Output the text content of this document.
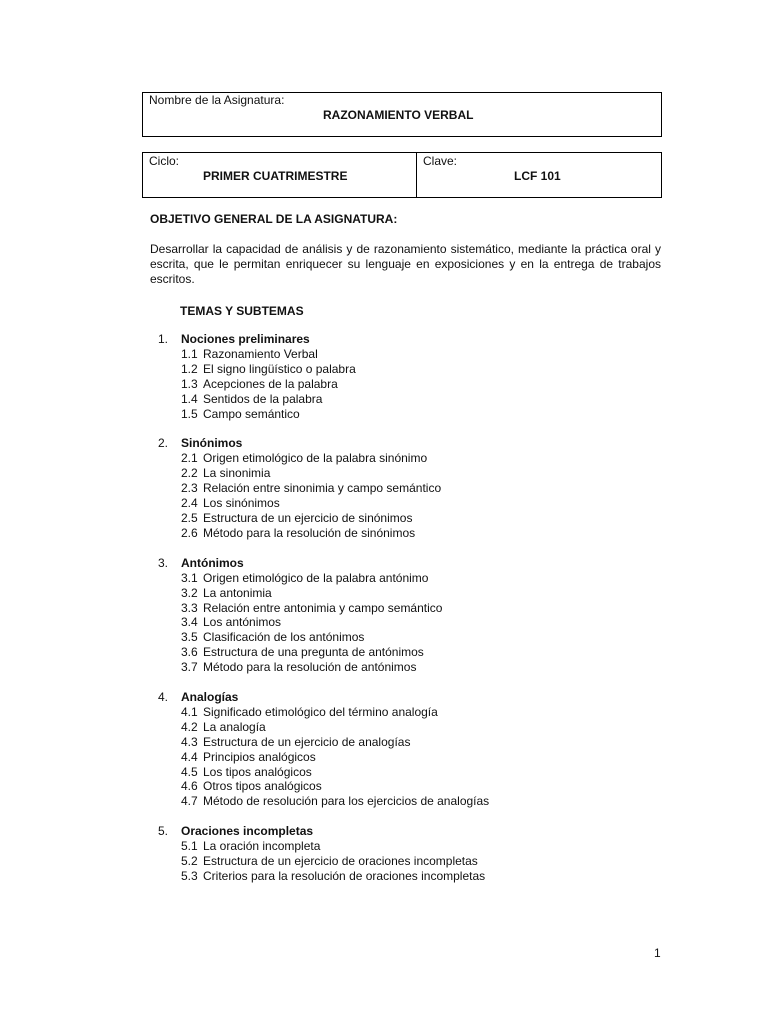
Nombre de la Asignatura:
RAZONAMIENTO VERBAL
Ciclo:
PRIMER CUATRIMESTRE
Clave:
LCF 101
OBJETIVO GENERAL DE LA ASIGNATURA:

Desarrollar la capacidad de análisis y de razonamiento sistemático, mediante la práctica oral y escrita, que le permitan enriquecer su lenguaje en exposiciones y en la entrega de trabajos escritos.

TEMAS Y SUBTEMAS
1.	Nociones preliminares
1.1 Razonamiento Verbal
1.2 El signo lingüístico o palabra
1.3 Acepciones de la palabra
1.4 Sentidos de la palabra
1.5 Campo semántico
2.	Sinónimos
2.1 Origen etimológico de la palabra sinónimo
2.2 La sinonimia
2.3 Relación entre sinonimia y campo semántico
2.4 Los sinónimos
2.5 Estructura de un ejercicio de sinónimos
2.6 Método para la resolución de sinónimos
3.	Antónimos
3.1 Origen etimológico de la palabra antónimo
3.2 La antonimia
3.3 Relación entre antonimia y campo semántico
3.4 Los antónimos
3.5 Clasificación de los antónimos
3.6 Estructura de una pregunta de antónimos
3.7 Método para la resolución de antónimos
4.	Analogías
4.1 Significado etimológico del término analogía
4.2 La analogía
4.3 Estructura de un ejercicio de analogías
4.4 Principios analógicos
4.5 Los tipos analógicos
4.6 Otros tipos analógicos
4.7 Método de resolución para los ejercicios de analogías
5.	Oraciones incompletas
5.1 La oración incompleta
5.2 Estructura de un ejercicio de oraciones incompletas
5.3 Criterios para la resolución de oraciones incompletas
1
